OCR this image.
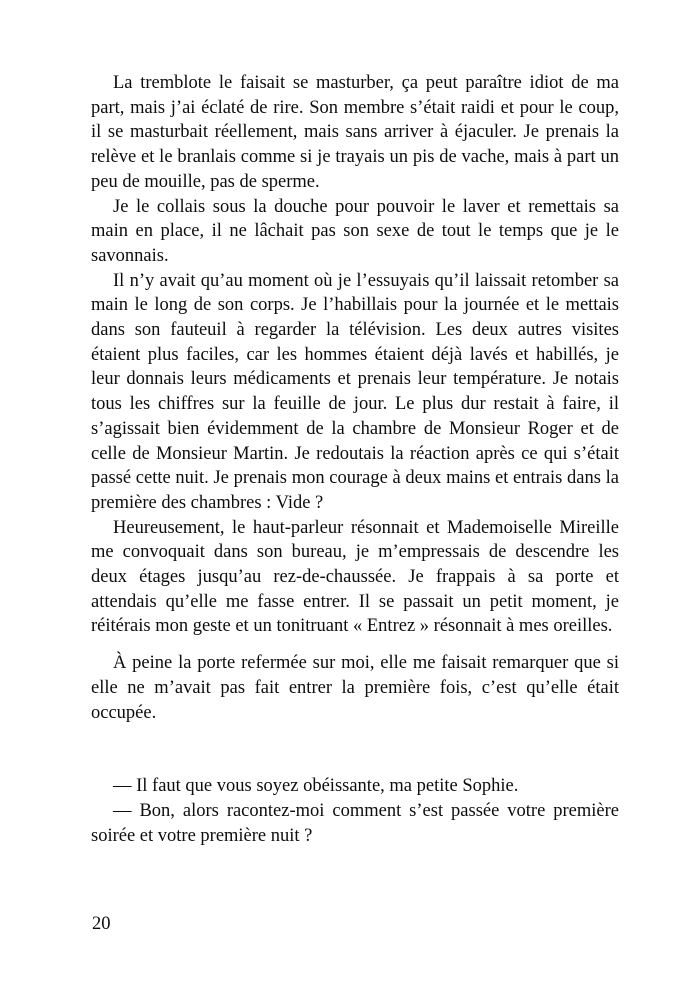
La tremblote le faisait se masturber, ça peut paraître idiot de ma part, mais j’ai éclaté de rire. Son membre s’était raidi et pour le coup, il se masturbait réellement, mais sans arriver à éjaculer. Je prenais la relève et le branlais comme si je trayais un pis de vache, mais à part un peu de mouille, pas de sperme.

Je le collais sous la douche pour pouvoir le laver et remettais sa main en place, il ne lâchait pas son sexe de tout le temps que je le savonnais.

Il n’y avait qu’au moment où je l’essuyais qu’il laissait retomber sa main le long de son corps. Je l’habillais pour la journée et le mettais dans son fauteuil à regarder la télévision. Les deux autres visites étaient plus faciles, car les hommes étaient déjà lavés et habillés, je leur donnais leurs médicaments et prenais leur température. Je notais tous les chiffres sur la feuille de jour. Le plus dur restait à faire, il s’agissait bien évidemment de la chambre de Monsieur Roger et de celle de Monsieur Martin. Je redoutais la réaction après ce qui s’était passé cette nuit. Je prenais mon courage à deux mains et entrais dans la première des chambres : Vide ?

Heureusement, le haut-parleur résonnait et Mademoiselle Mireille me convoquait dans son bureau, je m’empressais de descendre les deux étages jusqu’au rez-de-chaussée. Je frappais à sa porte et attendais qu’elle me fasse entrer. Il se passait un petit moment, je réitérais mon geste et un tonitruant « Entrez » résonnait à mes oreilles.

À peine la porte refermée sur moi, elle me faisait remarquer que si elle ne m’avait pas fait entrer la première fois, c’est qu’elle était occupée.

— Il faut que vous soyez obéissante, ma petite Sophie.

— Bon, alors racontez-moi comment s’est passée votre première soirée et votre première nuit ?

20
